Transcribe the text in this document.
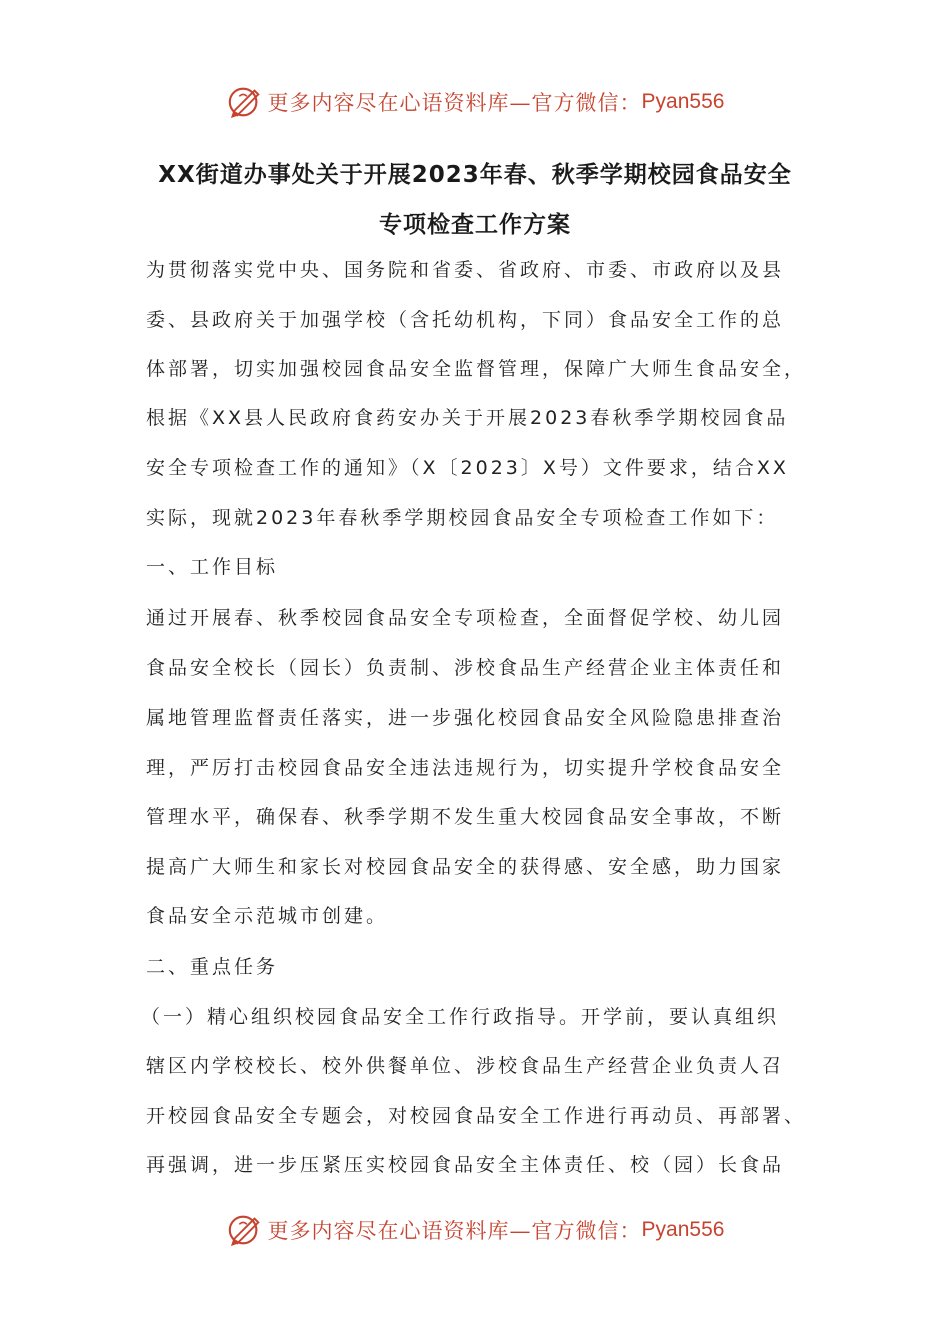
更多内容尽在心语资料库—官方微信： Pyan556
XX街道办事处关于开展2023年春、秋季学期校园食品安全
专项检查工作方案
为贯彻落实党中央、国务院和省委、省政府、市委、市政府以及县
委、县政府关于加强学校（含托幼机构，下同）食品安全工作的总
体部署，切实加强校园食品安全监督管理，保障广大师生食品安全，
根据《XX县人民政府食药安办关于开展2023春秋季学期校园食品
安全专项检查工作的通知》（X〔2023〕X号）文件要求，结合XX
实际，现就2023年春秋季学期校园食品安全专项检查工作如下：
一、工作目标
通过开展春、秋季校园食品安全专项检查，全面督促学校、幼儿园
食品安全校长（园长）负责制、涉校食品生产经营企业主体责任和
属地管理监督责任落实，进一步强化校园食品安全风险隐患排查治
理，严厉打击校园食品安全违法违规行为，切实提升学校食品安全
管理水平，确保春、秋季学期不发生重大校园食品安全事故，不断
提高广大师生和家长对校园食品安全的获得感、安全感，助力国家
食品安全示范城市创建。
二、重点任务
（一）精心组织校园食品安全工作行政指导。开学前，要认真组织
辖区内学校校长、校外供餐单位、涉校食品生产经营企业负责人召
开校园食品安全专题会，对校园食品安全工作进行再动员、再部署、
再强调，进一步压紧压实校园食品安全主体责任、校（园）长食品
更多内容尽在心语资料库—官方微信： Pyan556
